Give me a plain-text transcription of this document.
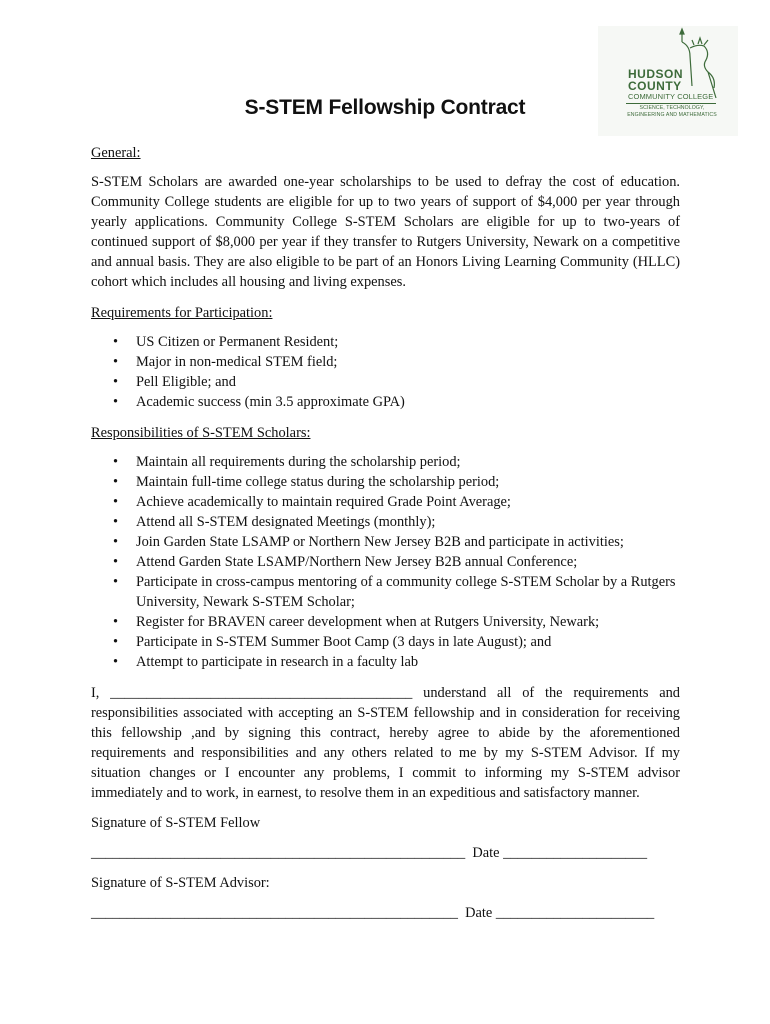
HUDSON
COUNTY
COMMUNITY COLLEGE
SCIENCE, TECHNOLOGY,
ENGINEERING AND MATHEMATICS
S-STEM Fellowship Contract

General:

S-STEM Scholars are awarded one-year scholarships to be used to defray the cost of education. Community College students are eligible for up to two years of support of $4,000 per year through yearly applications. Community College S-STEM Scholars are eligible for up to two-years of continued support of $8,000 per year if they transfer to Rutgers University, Newark on a competitive and annual basis. They are also eligible to be part of an Honors Living Learning Community (HLLC) cohort which includes all housing and living expenses.

Requirements for Participation:

• US Citizen or Permanent Resident;
• Major in non-medical STEM field;
• Pell Eligible; and
• Academic success (min 3.5 approximate GPA)

Responsibilities of S-STEM Scholars:

• Maintain all requirements during the scholarship period;
• Maintain full-time college status during the scholarship period;
• Achieve academically to maintain required Grade Point Average;
• Attend all S-STEM designated Meetings (monthly);
• Join Garden State LSAMP or Northern New Jersey B2B and participate in activities;
• Attend Garden State LSAMP/Northern New Jersey B2B annual Conference;
• Participate in cross-campus mentoring of a community college S-STEM Scholar by a Rutgers University, Newark S-STEM Scholar;
• Register for BRAVEN career development when at Rutgers University, Newark;
• Participate in S-STEM Summer Boot Camp (3 days in late August); and
• Attempt to participate in research in a faculty lab

I, __________________________________________ understand all of the requirements and responsibilities associated with accepting an S-STEM fellowship and in consideration for receiving this fellowship ,and by signing this contract, hereby agree to abide by the aforementioned requirements and responsibilities and any others related to me by my S-STEM Advisor. If my situation changes or I encounter any problems, I commit to informing my S-STEM advisor immediately and to work, in earnest, to resolve them in an expeditious and satisfactory manner.

Signature of S-STEM Fellow

____________________________________________________  Date ____________________

Signature of S-STEM Advisor:

___________________________________________________  Date ______________________
